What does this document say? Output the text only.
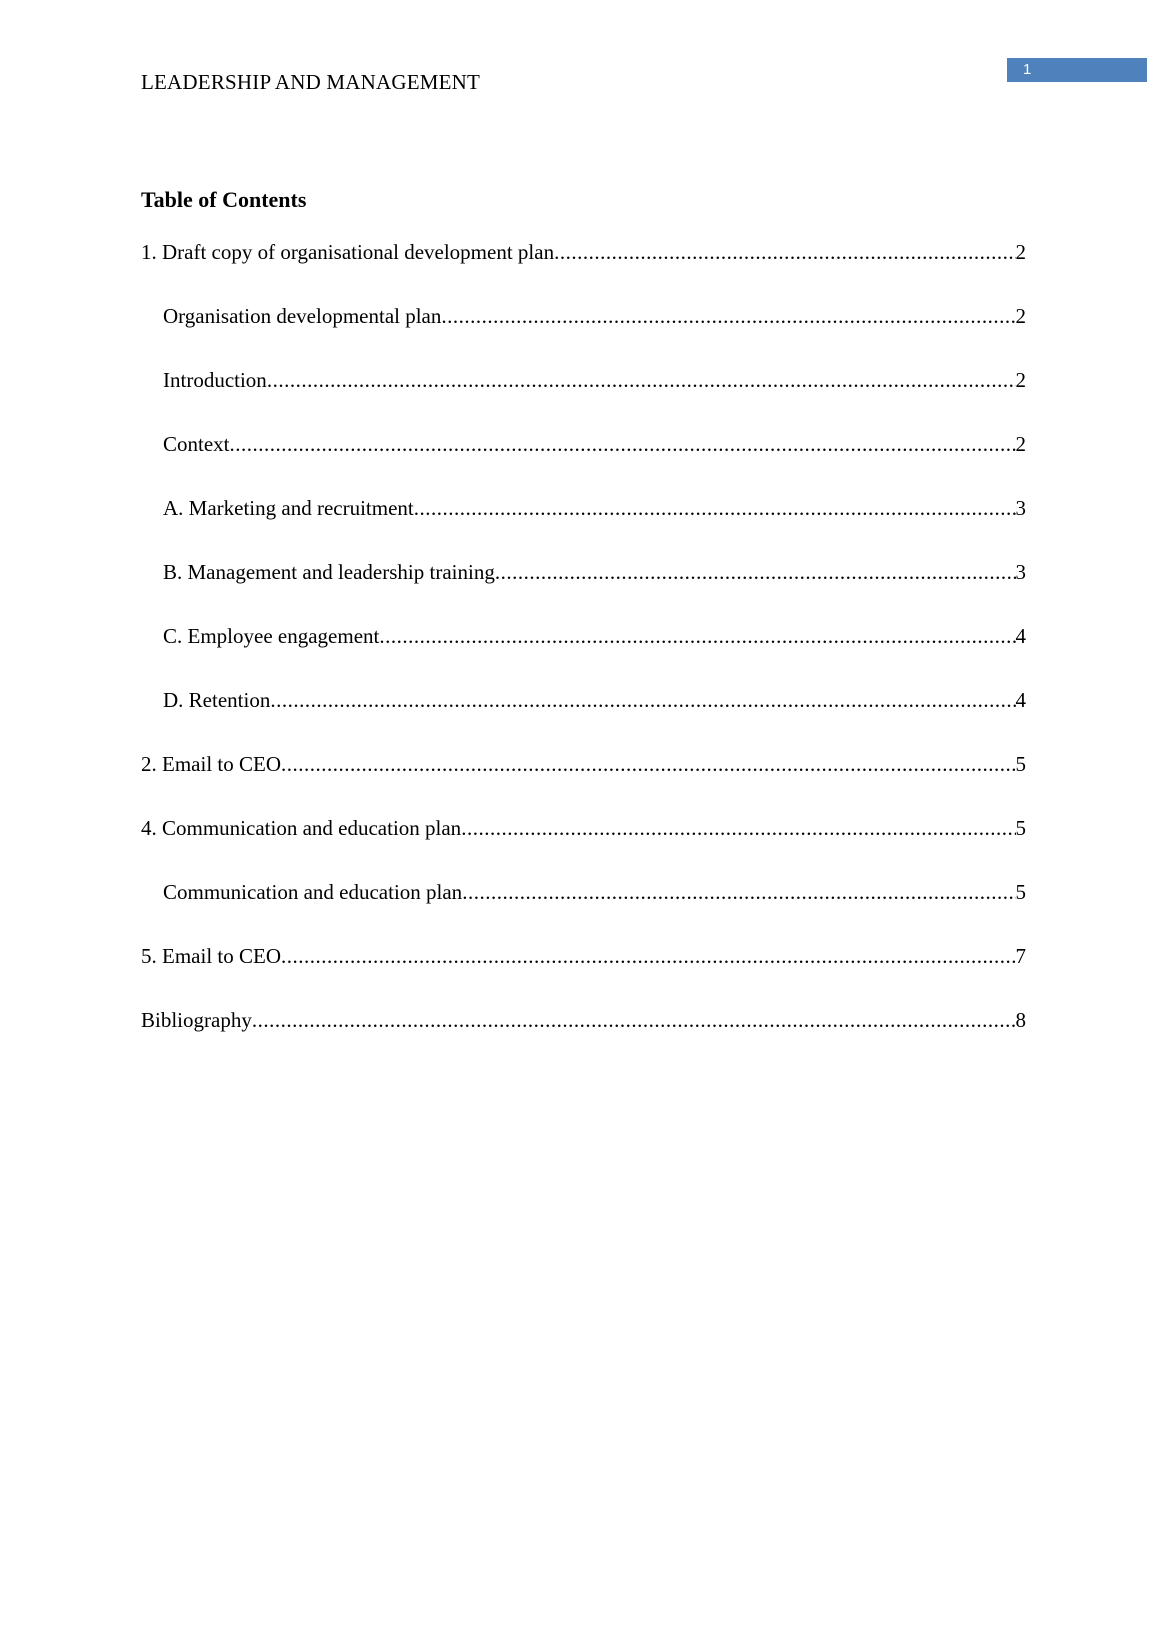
LEADERSHIP AND MANAGEMENT
1
Table of Contents
1. Draft copy of organisational development plan .....	2
Organisation developmental plan .....	2
Introduction .....	2
Context .....	2
A. Marketing and recruitment .....	3
B. Management and leadership training .....	3
C. Employee engagement .....	4
D. Retention .....	4
2. Email to CEO .....	5
4. Communication and education plan .....	5
Communication and education plan .....	5
5. Email to CEO .....	7
Bibliography .....	8
